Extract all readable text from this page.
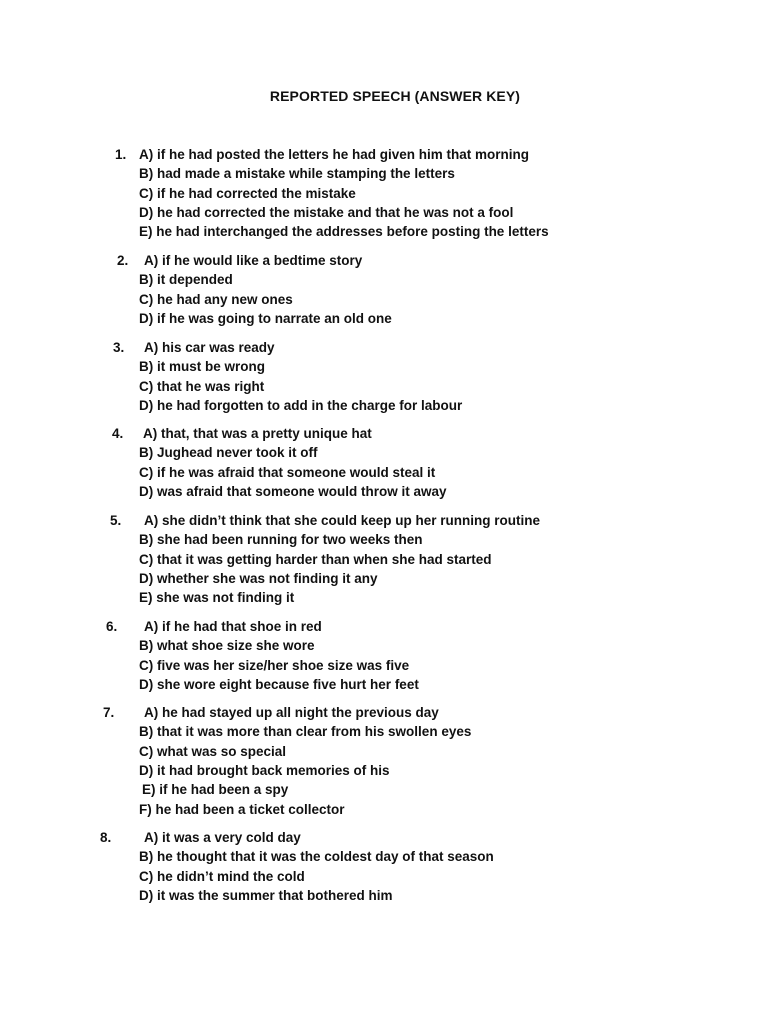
REPORTED SPEECH (ANSWER KEY)
1. A) if he had posted the letters he had given him that morning
B) had made a mistake while stamping the letters
C) if he had corrected the mistake
D) he had corrected the mistake and that he was not a fool
E) he had interchanged the addresses before posting the letters
2. A) if he would like a bedtime story
B) it depended
C) he had any new ones
D) if he was going to narrate an old one
3. A) his car was ready
B) it must be wrong
C) that he was right
D) he had forgotten to add in the charge for labour
4. A) that, that was a pretty unique hat
B) Jughead never took it off
C) if he was afraid that someone would steal it
D) was afraid that someone would throw it away
5. A) she didn’t think that she could keep up her running routine
B) she had been running for two weeks then
C) that it was getting harder than when she had started
D) whether she was not finding it any
E) she was not finding it
6. A) if he had that shoe in red
B) what shoe size she wore
C) five was her size/her shoe size was five
D) she wore eight because five hurt her feet
7. A) he had stayed up all night the previous day
B) that it was more than clear from his swollen eyes
C) what was so special
D) it had brought back memories of his
E) if he had been a spy
F) he had been a ticket collector
8. A) it was a very cold day
B) he thought that it was the coldest day of that season
C) he didn’t mind the cold
D) it was the summer that bothered him
